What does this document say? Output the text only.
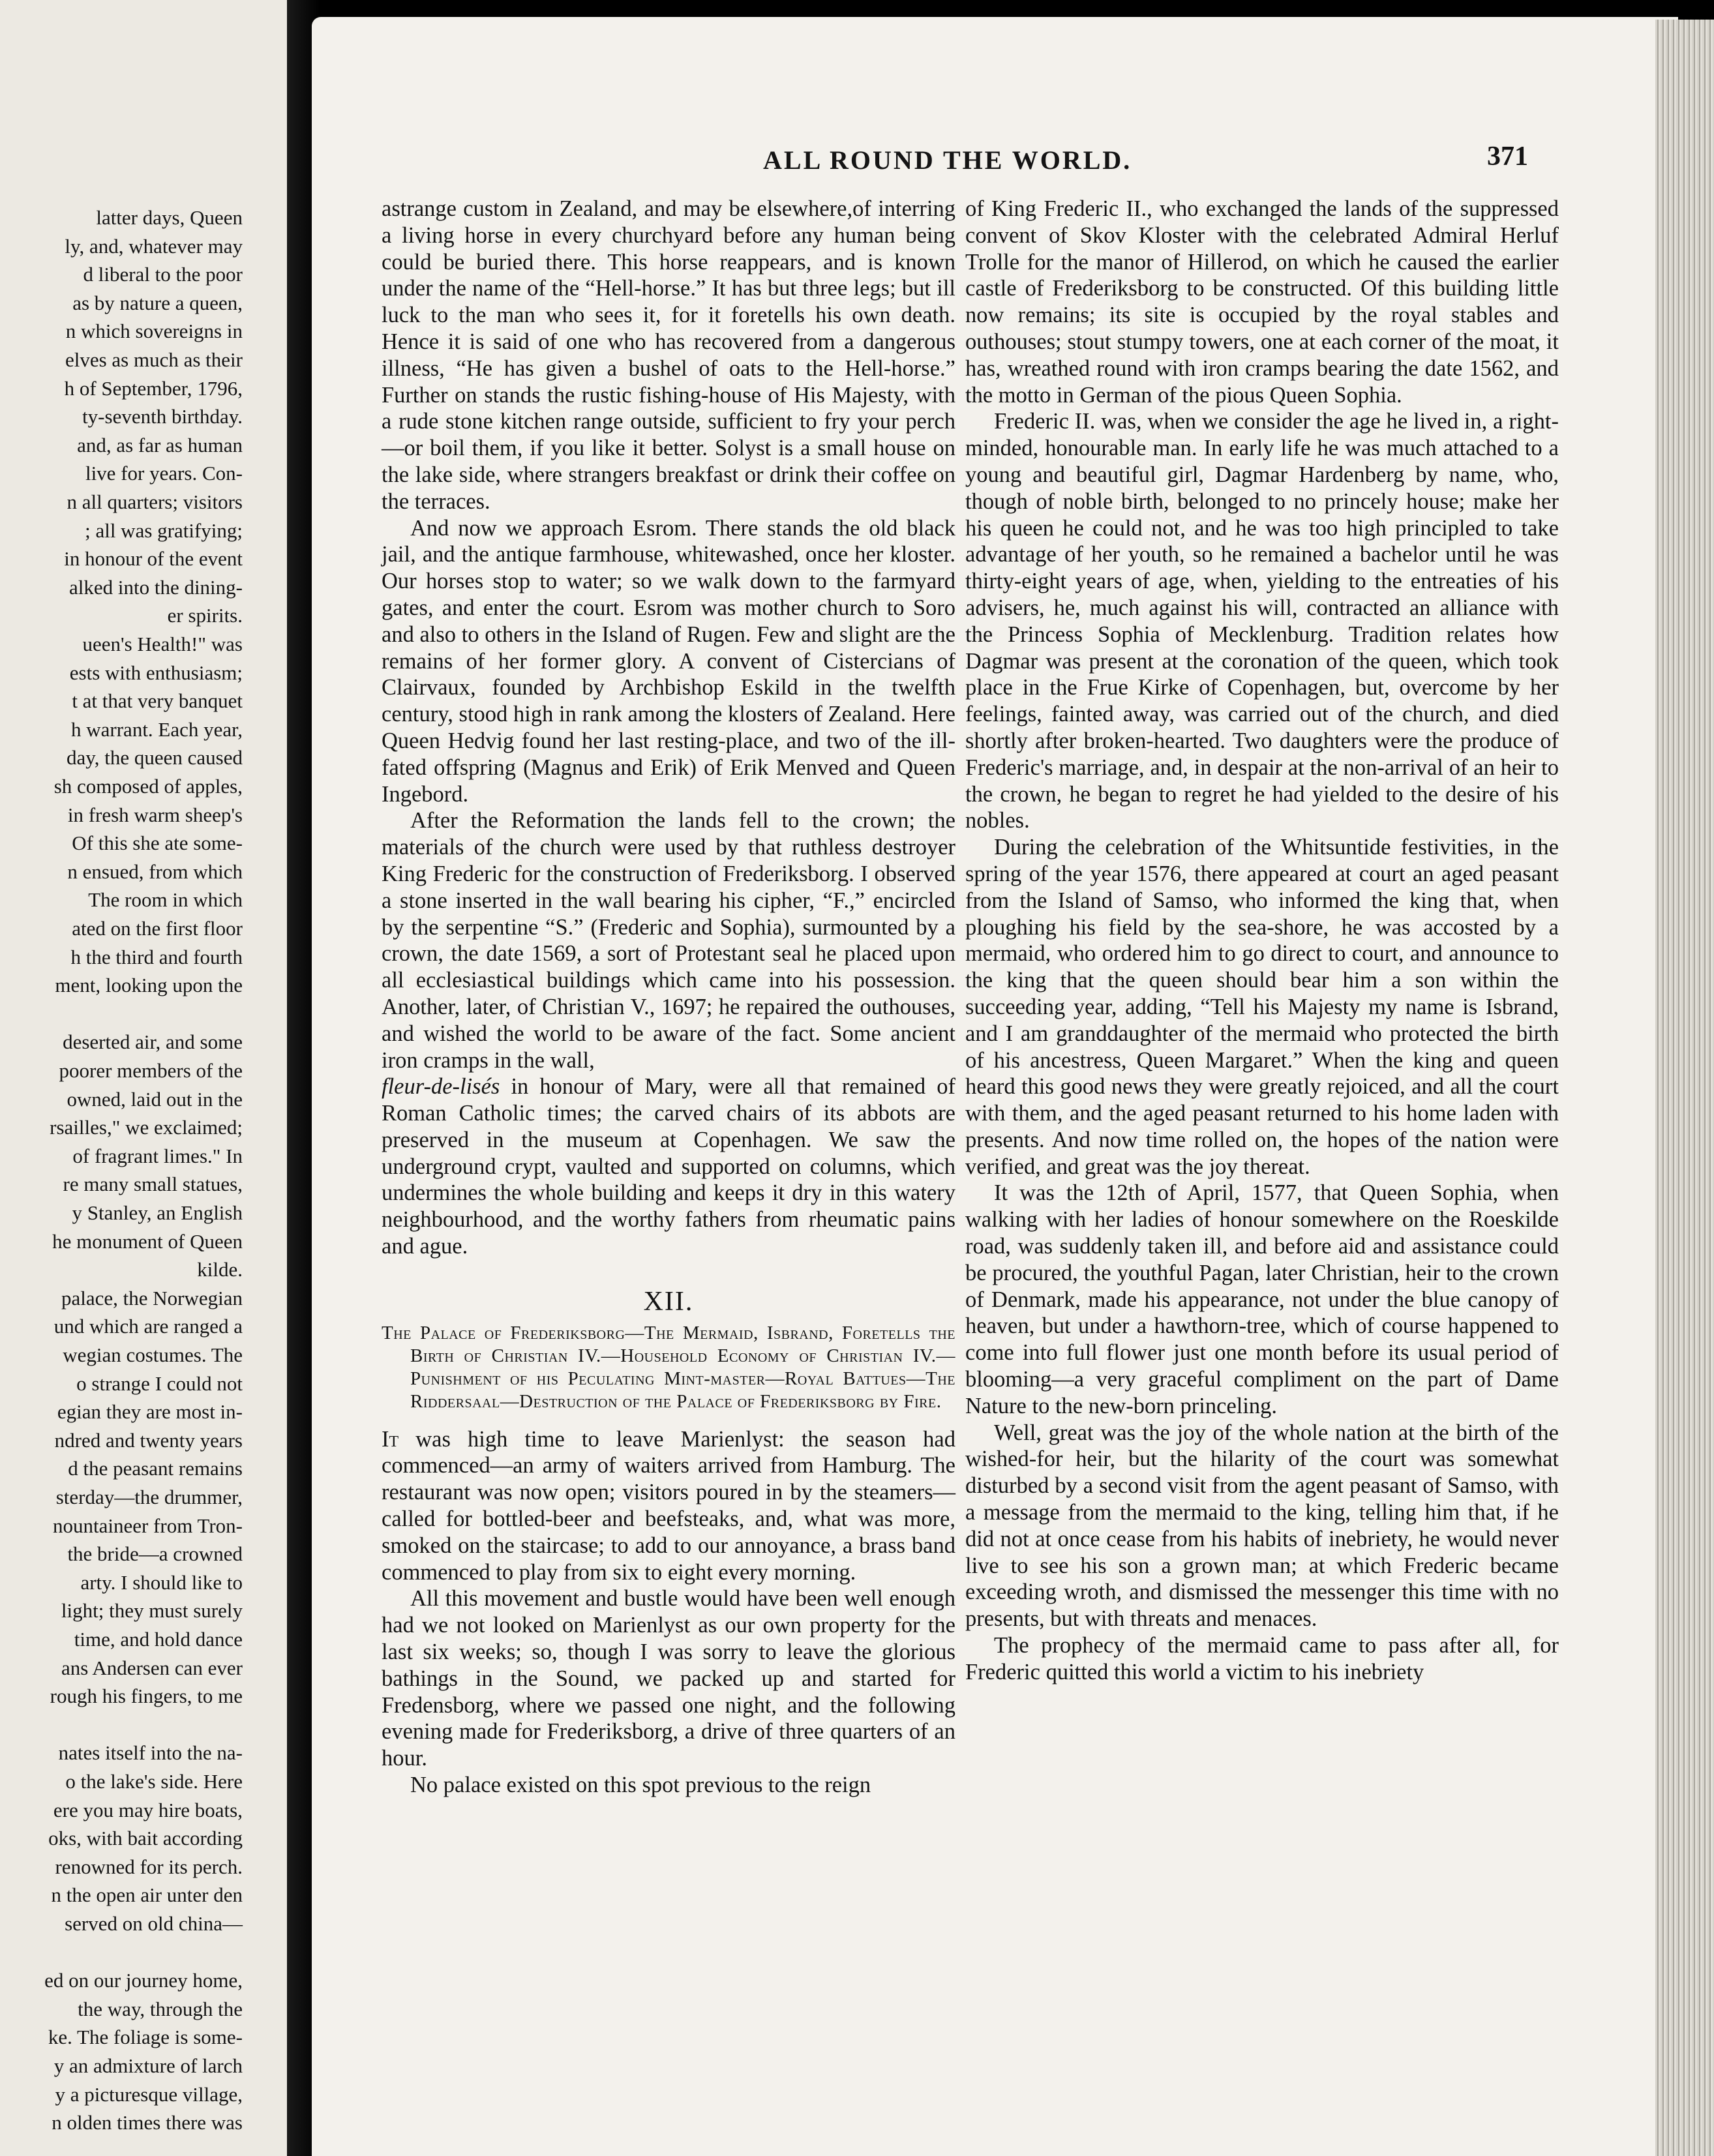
latter days, Queen
ly, and, whatever may
d liberal to the poor
as by nature a queen,
n which sovereigns in
elves as much as their
h of September, 1796,
ty-seventh birthday.
and, as far as human
live for years. Con-
n all quarters; visitors
; all was gratifying;
in honour of the event
alked into the dining-
er spirits.
ueen's Health!" was
ests with enthusiasm;
t at that very banquet
h warrant. Each year,
day, the queen caused
sh composed of apples,
in fresh warm sheep's
Of this she ate some-
n ensued, from which
The room in which
ated on the first floor
h the third and fourth
ment, looking upon the
deserted air, and some
poorer members of the
owned, laid out in the
rsailles," we exclaimed;
of fragrant limes." In
re many small statues,
y Stanley, an English
he monument of Queen
kilde.
palace, the Norwegian
und which are ranged a
wegian costumes. The
o strange I could not
egian they are most in-
ndred and twenty years
d the peasant remains
sterday—the drummer,
nountaineer from Tron-
the bride—a crowned
arty. I should like to
light; they must surely
time, and hold dance
ans Andersen can ever
rough his fingers, to me
nates itself into the na-
o the lake's side. Here
ere you may hire boats,
oks, with bait according
renowned for its perch.
n the open air unter den
served on old china—
ed on our journey home,
the way, through the
ke. The foliage is some-
y an admixture of larch
y a picturesque village,
n olden times there was
ALL ROUND THE WORLD.	371

astrange custom in Zealand, and may be elsewhere,of interring a living horse in every churchyard before any human being could be buried there. This horse reappears, and is known under the name of the “Hell-horse.” It has but three legs; but ill luck to the man who sees it, for it foretells his own death. Hence it is said of one who has recovered from a dangerous illness, “He has given a bushel of oats to the Hell-horse.” Further on stands the rustic fishing-house of His Majesty, with a rude stone kitchen range outside, sufficient to fry your perch—or boil them, if you like it better. Solyst is a small house on the lake side, where strangers breakfast or drink their coffee on the terraces.

And now we approach Esrom. There stands the old black jail, and the antique farmhouse, whitewashed, once her kloster. Our horses stop to water; so we walk down to the farmyard gates, and enter the court. Esrom was mother church to Soro and also to others in the Island of Rugen. Few and slight are the remains of her former glory. A convent of Cistercians of Clairvaux, founded by Archbishop Eskild in the twelfth century, stood high in rank among the klosters of Zealand. Here Queen Hedvig found her last resting-place, and two of the ill-fated offspring (Magnus and Erik) of Erik Menved and Queen Ingebord.

After the Reformation the lands fell to the crown; the materials of the church were used by that ruthless destroyer King Frederic for the construction of Frederiksborg. I observed a stone inserted in the wall bearing his cipher, “F.,” encircled by the serpentine “S.” (Frederic and Sophia), surmounted by a crown, the date 1569, a sort of Protestant seal he placed upon all ecclesiastical buildings which came into his possession. Another, later, of Christian V., 1697; he repaired the outhouses, and wished the world to be aware of the fact. Some ancient iron cramps in the wall,

fleur-de-lisés in honour of Mary, were all that remained of Roman Catholic times; the carved chairs of its abbots are preserved in the museum at Copenhagen. We saw the underground crypt, vaulted and supported on columns, which undermines the whole building and keeps it dry in this watery neighbourhood, and the worthy fathers from rheumatic pains and ague.

XII.
The Palace of Frederiksborg—The Mermaid, Isbrand, Foretells the Birth of Christian IV.—Household Economy of Christian IV.—Punishment of his Peculating Mint-master—Royal Battues—The Riddersaal—Destruction of the Palace of Frederiksborg by Fire.

It was high time to leave Marienlyst: the season had commenced—an army of waiters arrived from Hamburg. The restaurant was now open; visitors poured in by the steamers—called for bottled-beer and beefsteaks, and, what was more, smoked on the staircase; to add to our annoyance, a brass band commenced to play from six to eight every morning.

All this movement and bustle would have been well enough had we not looked on Marienlyst as our own property for the last six weeks; so, though I was sorry to leave the glorious bathings in the Sound, we packed up and started for Fredensborg, where we passed one night, and the following evening made for Frederiksborg, a drive of three quarters of an hour.

No palace existed on this spot previous to the reign

of King Frederic II., who exchanged the lands of the suppressed convent of Skov Kloster with the celebrated Admiral Herluf Trolle for the manor of Hillerod, on which he caused the earlier castle of Frederiksborg to be constructed. Of this building little now remains; its site is occupied by the royal stables and outhouses; stout stumpy towers, one at each corner of the moat, it has, wreathed round with iron cramps bearing the date 1562, and the motto in German of the pious Queen Sophia.

Frederic II. was, when we consider the age he lived in, a right-minded, honourable man. In early life he was much attached to a young and beautiful girl, Dagmar Hardenberg by name, who, though of noble birth, belonged to no princely house; make her his queen he could not, and he was too high principled to take advantage of her youth, so he remained a bachelor until he was thirty-eight years of age, when, yielding to the entreaties of his advisers, he, much against his will, contracted an alliance with the Princess Sophia of Mecklenburg. Tradition relates how Dagmar was present at the coronation of the queen, which took place in the Frue Kirke of Copenhagen, but, overcome by her feelings, fainted away, was carried out of the church, and died shortly after broken-hearted. Two daughters were the produce of Frederic's marriage, and, in despair at the non-arrival of an heir to the crown, he began to regret he had yielded to the desire of his nobles.

During the celebration of the Whitsuntide festivities, in the spring of the year 1576, there appeared at court an aged peasant from the Island of Samso, who informed the king that, when ploughing his field by the sea-shore, he was accosted by a mermaid, who ordered him to go direct to court, and announce to the king that the queen should bear him a son within the succeeding year, adding, “Tell his Majesty my name is Isbrand, and I am granddaughter of the mermaid who protected the birth of his ancestress, Queen Margaret.” When the king and queen heard this good news they were greatly rejoiced, and all the court with them, and the aged peasant returned to his home laden with presents. And now time rolled on, the hopes of the nation were verified, and great was the joy thereat.

It was the 12th of April, 1577, that Queen Sophia, when walking with her ladies of honour somewhere on the Roeskilde road, was suddenly taken ill, and before aid and assistance could be procured, the youthful Pagan, later Christian, heir to the crown of Denmark, made his appearance, not under the blue canopy of heaven, but under a hawthorn-tree, which of course happened to come into full flower just one month before its usual period of blooming—a very graceful compliment on the part of Dame Nature to the new-born princeling.

Well, great was the joy of the whole nation at the birth of the wished-for heir, but the hilarity of the court was somewhat disturbed by a second visit from the agent peasant of Samso, with a message from the mermaid to the king, telling him that, if he did not at once cease from his habits of inebriety, he would never live to see his son a grown man; at which Frederic became exceeding wroth, and dismissed the messenger this time with no presents, but with threats and menaces.

The prophecy of the mermaid came to pass after all, for Frederic quitted this world a victim to his inebriety
